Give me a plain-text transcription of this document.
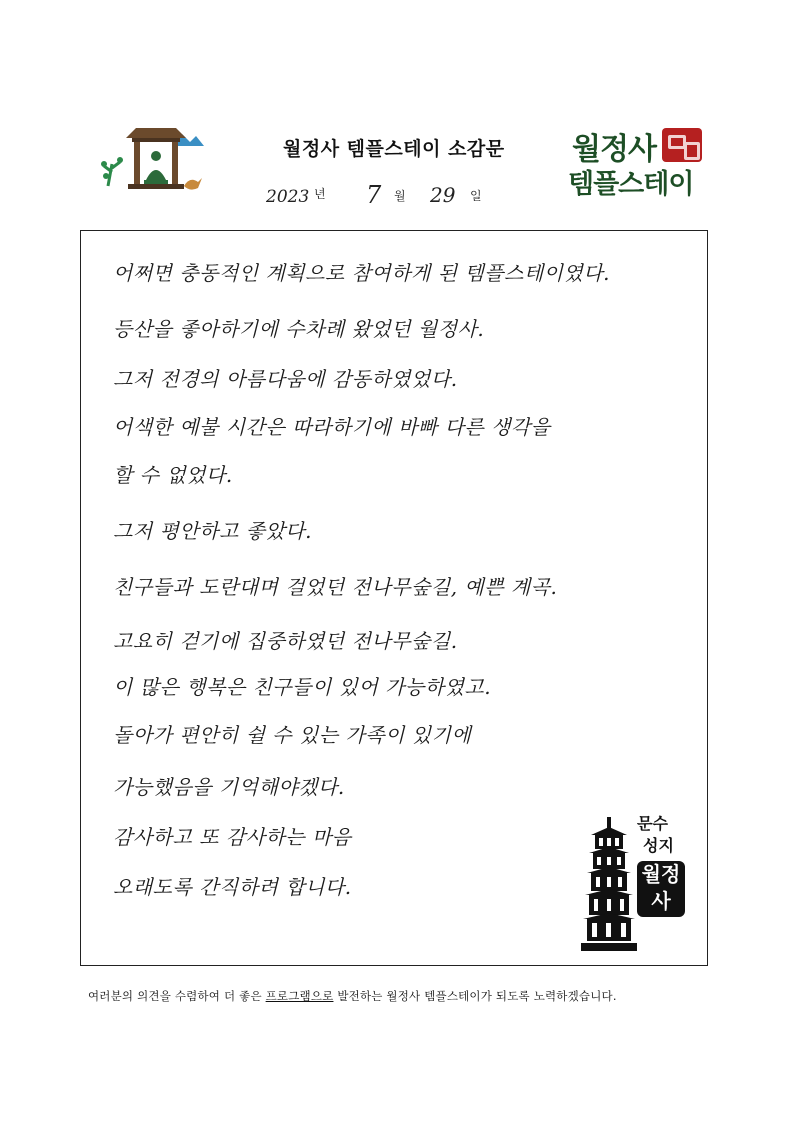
월정사 템플스테이 소감문 월정사
템플스테이
2023 년 7 월 29 일
어쩌면 충동적인 계획으로 참여하게 된 템플스테이였다.
등산을 좋아하기에 수차례 왔었던 월정사.
그저 전경의 아름다움에 감동하였었다.
어색한 예불 시간은 따라하기에 바빠 다른 생각을
할 수 없었다.
그저 평안하고 좋았다.
친구들과 도란대며 걸었던 전나무숲길, 예쁜 계곡.
고요히 걷기에 집중하였던 전나무숲길.
이 많은 행복은 친구들이 있어 가능하였고.
돌아가 편안히 쉴 수 있는 가족이 있기에
가능했음을 기억해야겠다.
감사하고 또 감사하는 마음
오래도록 간직하려 합니다.
문수
성지
월정
사
여러분의 의견을 수렴하여 더 좋은 프로그램으로 발전하는 월정사 템플스테이가 되도록 노력하겠습니다.
